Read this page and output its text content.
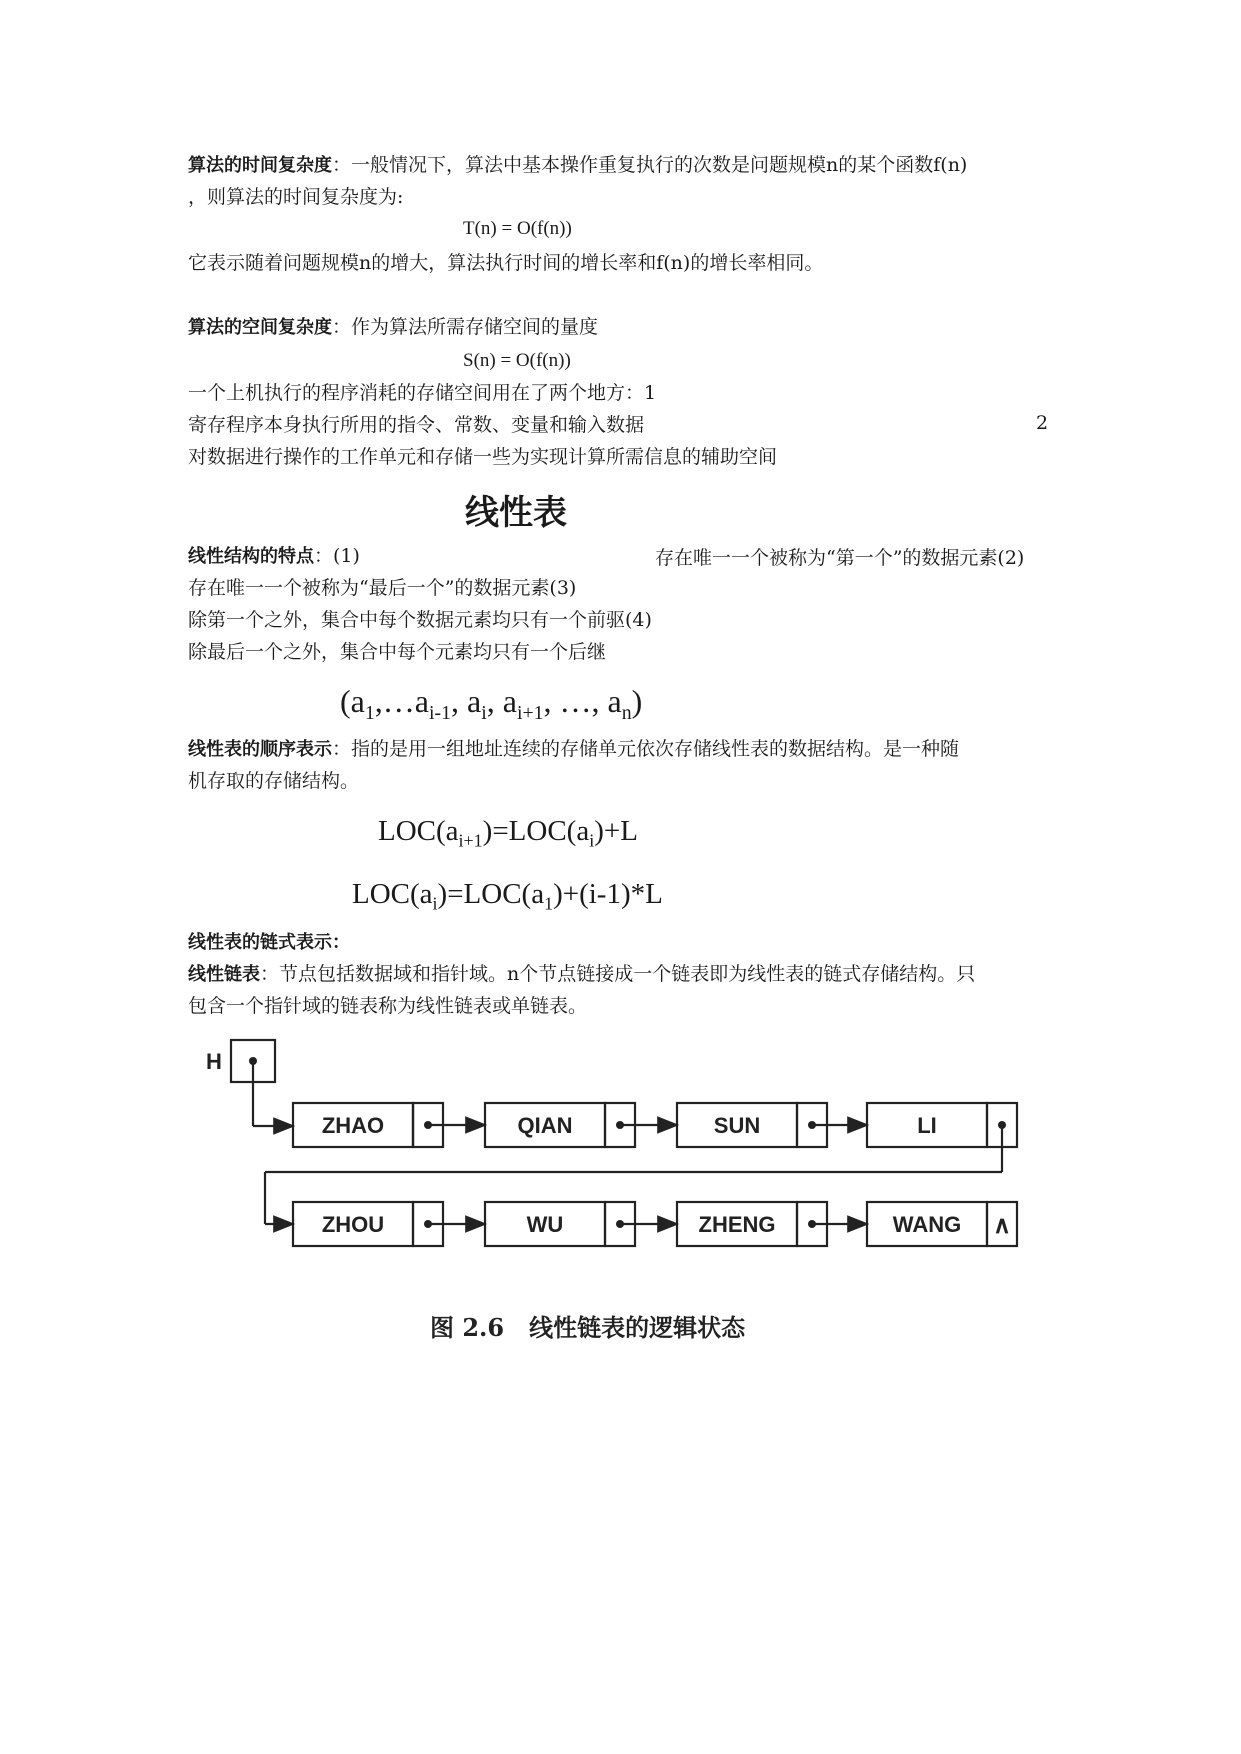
算法的时间复杂度：一般情况下，算法中基本操作重复执行的次数是问题规模n的某个函数f(n)
，则算法的时间复杂度为:
T(n) = O(f(n))
它表示随着问题规模n的增大，算法执行时间的增长率和f(n)的增长率相同。
算法的空间复杂度：作为算法所需存储空间的量度
S(n) = O(f(n))
一个上机执行的程序消耗的存储空间用在了两个地方：1
寄存程序本身执行所用的指令、常数、变量和输入数据	2
对数据进行操作的工作单元和存储一些为实现计算所需信息的辅助空间
线性表
线性结构的特点：(1)	存在唯一一个被称为“第一个”的数据元素(2)
存在唯一一个被称为“最后一个”的数据元素(3)
除第一个之外，集合中每个数据元素均只有一个前驱(4)
除最后一个之外，集合中每个元素均只有一个后继
($a_1,\dots a_{i-1}$, $a_i$, $a_{i+1}$, …, $a_n$)
线性表的顺序表示：指的是用一组地址连续的存储单元依次存储线性表的数据结构。是一种随
机存取的存储结构。
$LOC(a_{i+1})=LOC(a_i)+L$
$LOC(a_i)=LOC(a_1)+(i-1)*L$
线性表的链式表示：
线性链表：节点包括数据域和指针域。n个节点链接成一个链表即为线性表的链式存储结构。只
包含一个指针域的链表称为线性链表或单链表。
H
ZHAO	QIAN	SUN	LI
ZHOU	WU	ZHENG	WANG ∧
图 2.6   线性链表的逻辑状态
